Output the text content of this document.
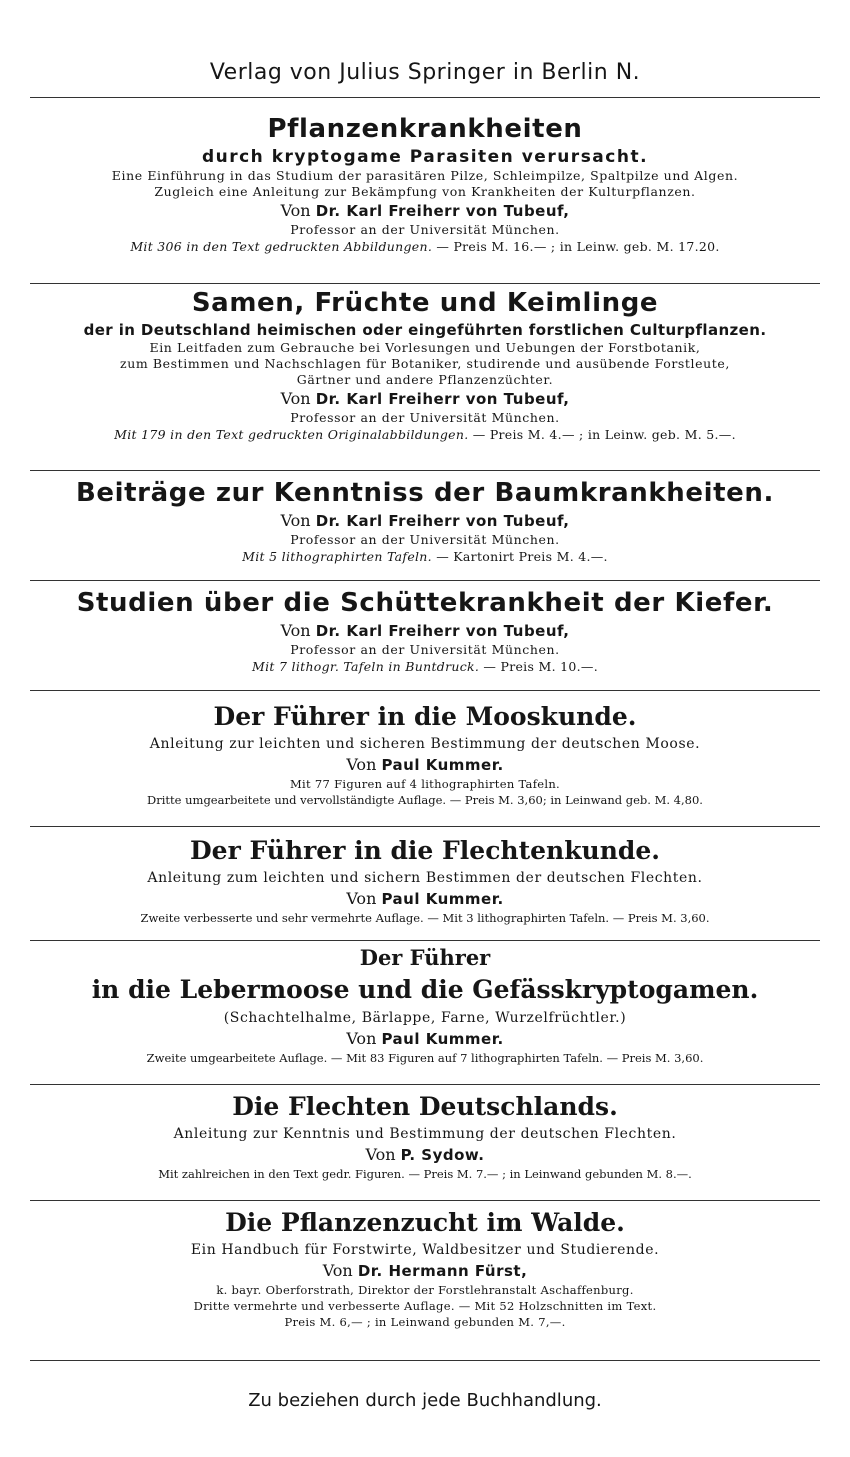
Verlag von Julius Springer in Berlin N.
Pflanzenkrankheiten
durch kryptogame Parasiten verursacht.
Eine Einführung in das Studium der parasitären Pilze, Schleimpilze, Spaltpilze und Algen.
Zugleich eine Anleitung zur Bekämpfung von Krankheiten der Kulturpflanzen.
Von Dr. Karl Freiherr von Tubeuf,
Professor an der Universität München.
Mit 306 in den Text gedruckten Abbildungen. — Preis M. 16.— ; in Leinw. geb. M. 17.20.
Samen, Früchte und Keimlinge
der in Deutschland heimischen oder eingeführten forstlichen Culturpflanzen.
Ein Leitfaden zum Gebrauche bei Vorlesungen und Uebungen der Forstbotanik,
zum Bestimmen und Nachschlagen für Botaniker, studirende und ausübende Forstleute,
Gärtner und andere Pflanzenzüchter.
Von Dr. Karl Freiherr von Tubeuf,
Professor an der Universität München.
Mit 179 in den Text gedruckten Originalabbildungen. — Preis M. 4.— ; in Leinw. geb. M. 5.—.
Beiträge zur Kenntniss der Baumkrankheiten.
Von Dr. Karl Freiherr von Tubeuf,
Professor an der Universität München.
Mit 5 lithographirten Tafeln. — Kartonirt Preis M. 4.—.
Studien über die Schüttekrankheit der Kiefer.
Von Dr. Karl Freiherr von Tubeuf,
Professor an der Universität München.
Mit 7 lithogr. Tafeln in Buntdruck. — Preis M. 10.—.
Der Führer in die Mooskunde.
Anleitung zur leichten und sicheren Bestimmung der deutschen Moose.
Von Paul Kummer.
Mit 77 Figuren auf 4 lithographirten Tafeln.
Dritte umgearbeitete und vervollständigte Auflage. — Preis M. 3,60; in Leinwand geb. M. 4,80.
Der Führer in die Flechtenkunde.
Anleitung zum leichten und sichern Bestimmen der deutschen Flechten.
Von Paul Kummer.
Zweite verbesserte und sehr vermehrte Auflage. — Mit 3 lithographirten Tafeln. — Preis M. 3,60.
Der Führer
in die Lebermoose und die Gefässkryptogamen.
(Schachtelhalme, Bärlappe, Farne, Wurzelfrüchtler.)
Von Paul Kummer.
Zweite umgearbeitete Auflage. — Mit 83 Figuren auf 7 lithographirten Tafeln. — Preis M. 3,60.
Die Flechten Deutschlands.
Anleitung zur Kenntnis und Bestimmung der deutschen Flechten.
Von P. Sydow.
Mit zahlreichen in den Text gedr. Figuren. — Preis M. 7.— ; in Leinwand gebunden M. 8.—.
Die Pflanzenzucht im Walde.
Ein Handbuch für Forstwirte, Waldbesitzer und Studierende.
Von Dr. Hermann Fürst,
k. bayr. Oberforstrath, Direktor der Forstlehranstalt Aschaffenburg.
Dritte vermehrte und verbesserte Auflage. — Mit 52 Holzschnitten im Text.
Preis M. 6,— ; in Leinwand gebunden M. 7,—.
Zu beziehen durch jede Buchhandlung.
